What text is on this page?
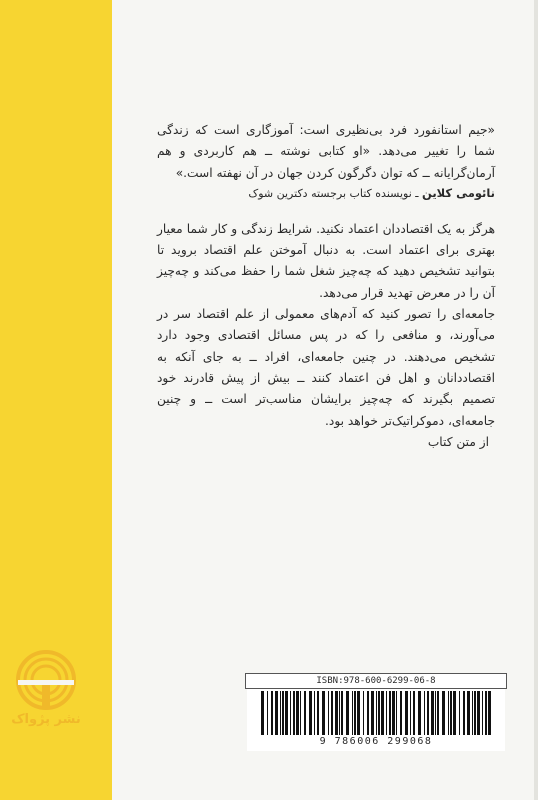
«جیم استانفورد فرد بی‌نظیری است: آموزگاری است که زندگی شما را تغییر می‌دهد. «او کتابی نوشته ــ هم کاربردی و هم آرمان‌گرایانه ــ که توان دگرگون کردن جهان در آن نهفته است.»

نائومی کلاین ـ نویسنده کتاب برجسته دکترین شوک

هرگز به یک اقتصاددان اعتماد نکنید. شرایط زندگی و کار شما معیار بهتری برای اعتماد است. به دنبال آموختن علم اقتصاد بروید تا بتوانید تشخیص دهید که چه‌چیز شغل شما را حفظ می‌کند و چه‌چیز آن را در معرض تهدید قرار می‌دهد.

جامعه‌ای را تصور کنید که آدم‌های معمولی از علم اقتصاد سر در می‌آورند، و منافعی را که در پس مسائل اقتصادی وجود دارد تشخیص می‌دهند. در چنین جامعه‌ای، افراد ــ به جای آنکه به اقتصاددانان و اهل فن اعتماد کنند ــ بیش از پیش قادرند خود تصمیم بگیرند که چه‌چیز برایشان مناسب‌تر است ــ و چنین جامعه‌ای، دموکراتیک‌تر خواهد بود.

از متن کتاب

نشر پژواک
ISBN:978-600-6299-06-8
9 786006 299068
